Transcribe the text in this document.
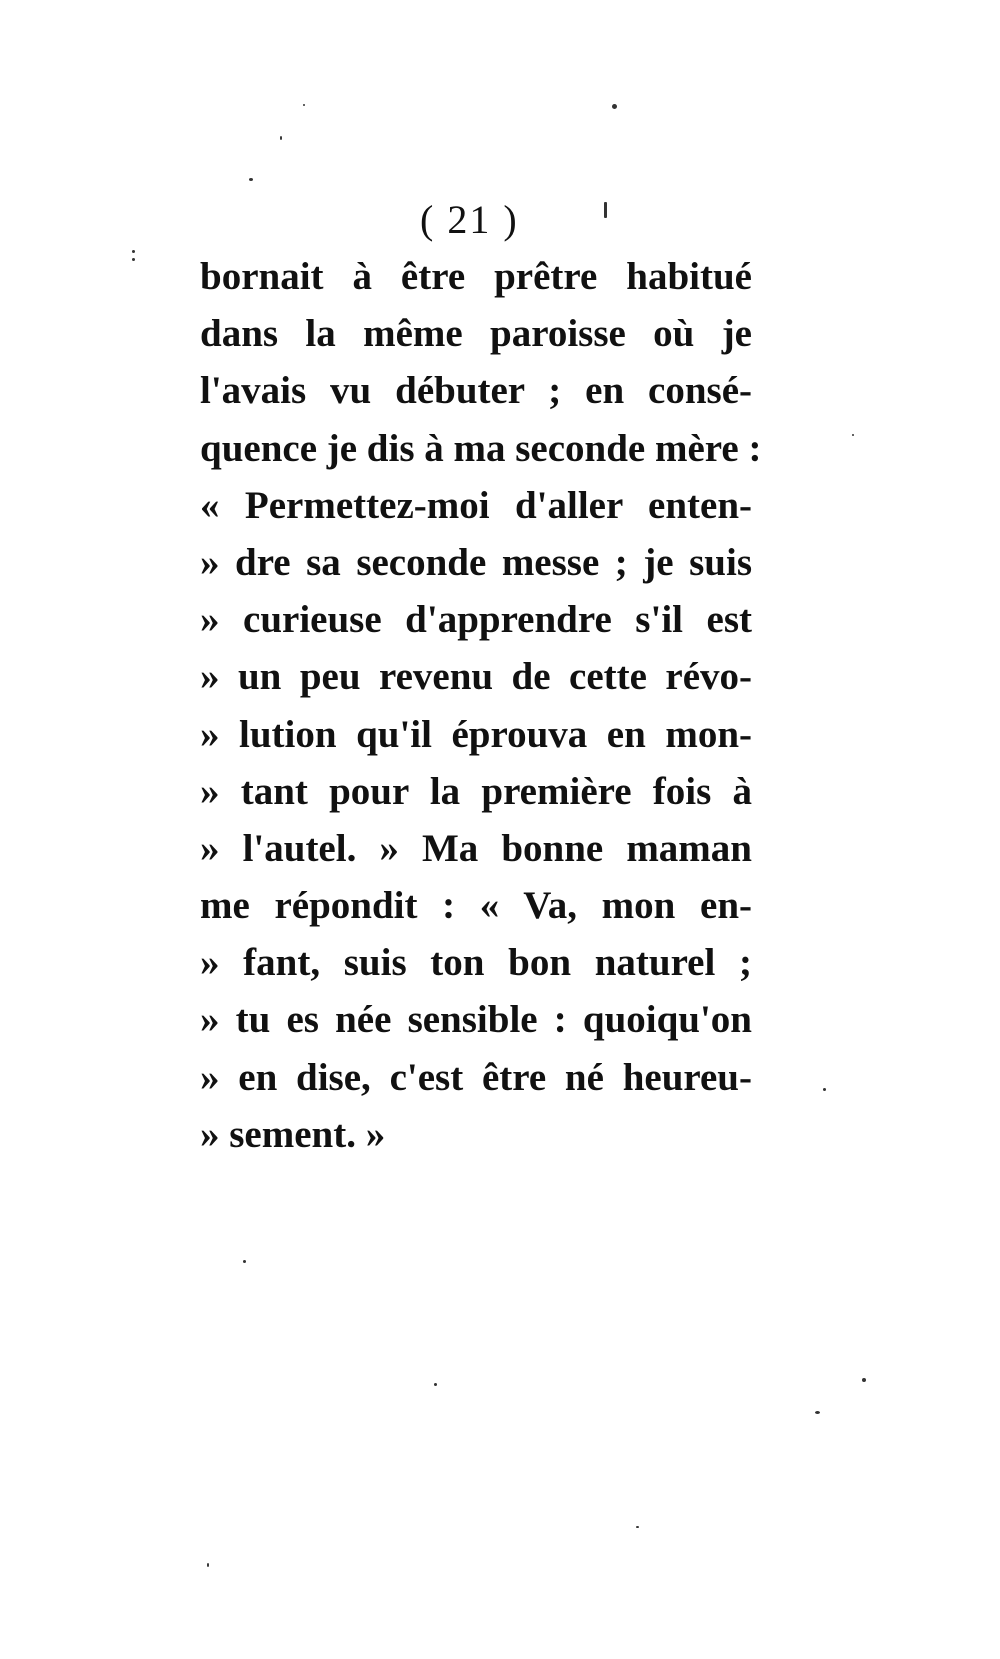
( 21 )
bornait à être prêtre habitué
dans la même paroisse où je
l'avais vu débuter ; en consé-
quence je dis à ma seconde mère :
« Permettez-moi d'aller enten-
» dre sa seconde messe ; je suis
» curieuse d'apprendre s'il est
» un peu revenu de cette révo-
» lution qu'il éprouva en mon-
» tant pour la première fois à
» l'autel. » Ma bonne maman
me répondit : « Va, mon en-
» fant, suis ton bon naturel ;
» tu es née sensible : quoiqu'on
» en dise, c'est être né heureu-
» sement. »
